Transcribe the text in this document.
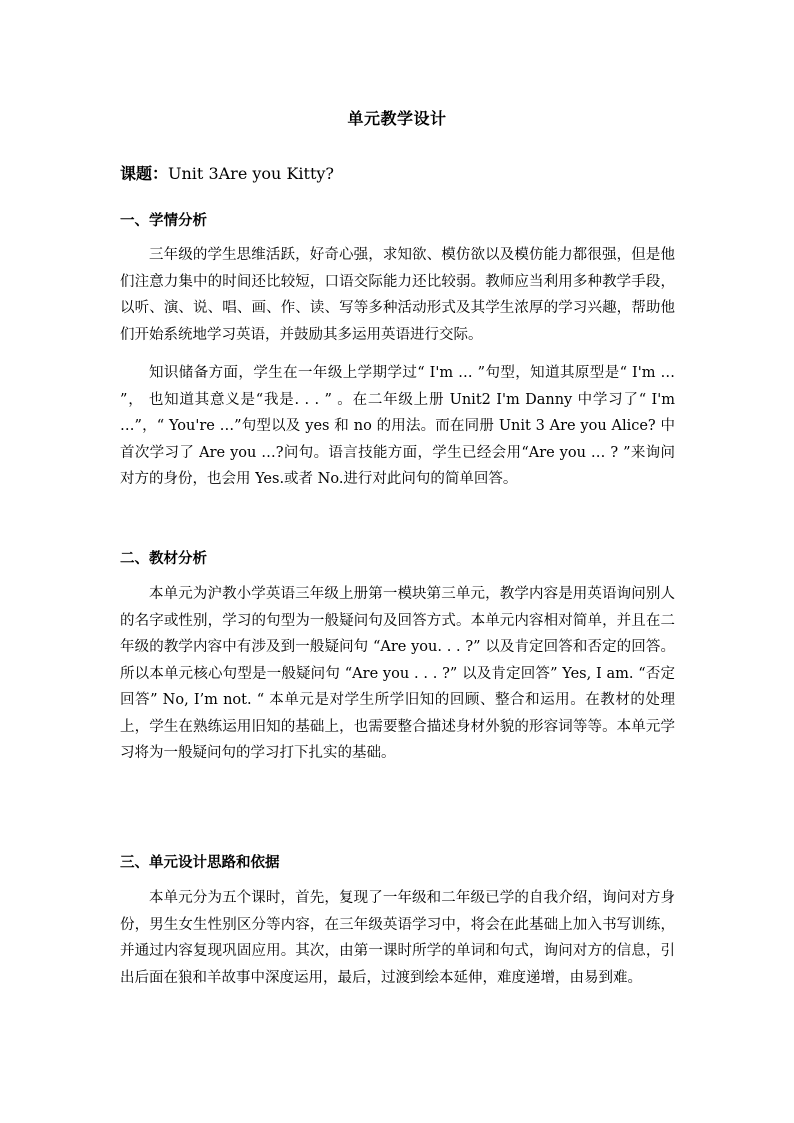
单元教学设计
课题：Unit 3Are you Kitty?
一、学情分析
三年级的学生思维活跃，好奇心强，求知欲、模仿欲以及模仿能力都很强，但是他们注意力集中的时间还比较短，口语交际能力还比较弱。教师应当利用多种教学手段，以听、演、说、唱、画、作、读、写等多种活动形式及其学生浓厚的学习兴趣，帮助他们开始系统地学习英语，并鼓励其多运用英语进行交际。
知识储备方面，学生在一年级上学期学过“ I'm … ”句型，知道其原型是“ I'm … ”， 也知道其意义是“我是. . . ” 。在二年级上册 Unit2 I'm Danny 中学习了“ I'm …”，“ You're …”句型以及 yes 和 no 的用法。而在同册 Unit 3 Are you Alice? 中首次学习了 Are you …?问句。语言技能方面，学生已经会用“Are you … ? ”来询问对方的身份，也会用 Yes.或者 No.进行对此问句的简单回答。
二、教材分析
本单元为沪教小学英语三年级上册第一模块第三单元，教学内容是用英语询问别人的名字或性别，学习的句型为一般疑问句及回答方式。本单元内容相对简单，并且在二年级的教学内容中有涉及到一般疑问句 “Are you. . . ?” 以及肯定回答和否定的回答。所以本单元核心句型是一般疑问句 “Are you . . . ?” 以及肯定回答” Yes, I am. “否定回答” No, I’m not. “ 本单元是对学生所学旧知的回顾、整合和运用。在教材的处理上，学生在熟练运用旧知的基础上，也需要整合描述身材外貌的形容词等等。本单元学习将为一般疑问句的学习打下扎实的基础。
三、单元设计思路和依据
本单元分为五个课时，首先，复现了一年级和二年级已学的自我介绍，询问对方身份，男生女生性别区分等内容，在三年级英语学习中，将会在此基础上加入书写训练，并通过内容复现巩固应用。其次，由第一课时所学的单词和句式，询问对方的信息，引出后面在狼和羊故事中深度运用，最后，过渡到绘本延伸，难度递增，由易到难。
